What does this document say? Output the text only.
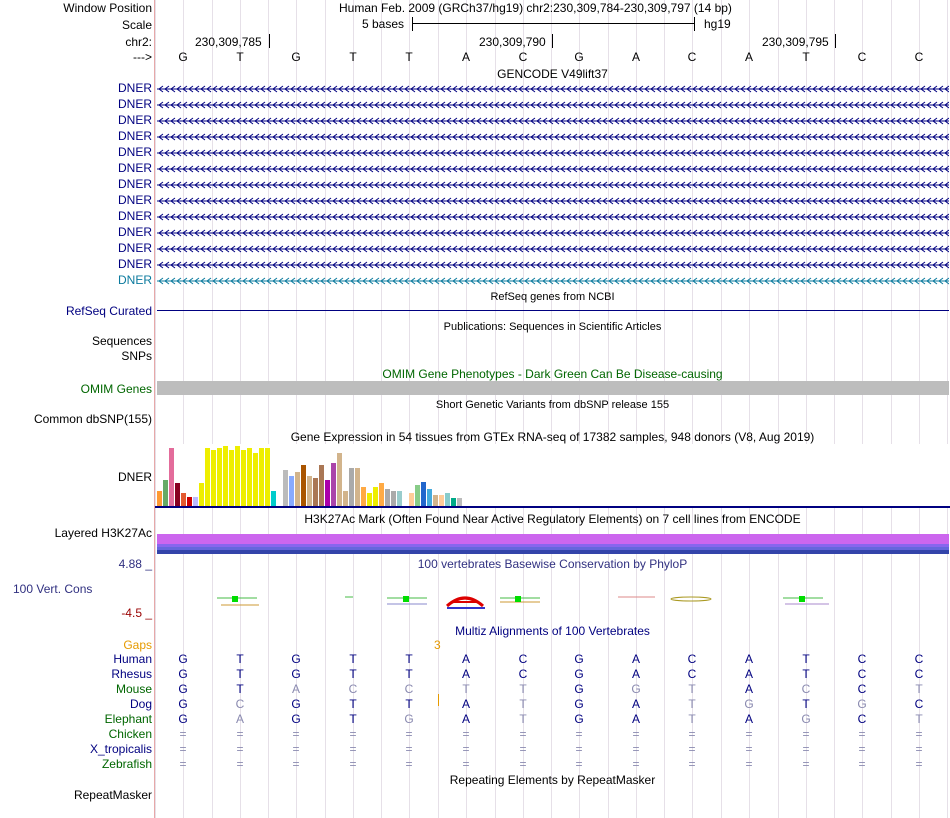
Window Position	Human Feb. 2009 (GRCh37/hg19) chr2:230,309,784-230,309,797 (14 bp)
Scale	5 bases	hg19
chr2:	230,309,785	230,309,790	230,309,795
--->	G	T	G	T	T	A	C	G	A	C	A	T	C	C
GENCODE V49lift37
DNER
DNER
DNER
DNER
DNER
DNER
DNER
DNER
DNER
DNER
DNER
DNER
DNER
RefSeq genes from NCBI
RefSeq Curated
Publications: Sequences in Scientific Articles
Sequences
SNPs
OMIM Gene Phenotypes - Dark Green Can Be Disease-causing
OMIM Genes
Short Genetic Variants from dbSNP release 155
Common dbSNP(155)
Gene Expression in 54 tissues from GTEx RNA-seq of 17382 samples, 948 donors (V8, Aug 2019)
DNER
H3K27Ac Mark (Often Found Near Active Regulatory Elements) on 7 cell lines from ENCODE
Layered H3K27Ac
100 vertebrates Basewise Conservation by PhyloP
4.88 _
100 Vert. Cons
-4.5 _
Multiz Alignments of 100 Vertebrates
Gaps	3
Human	G	T	G	T	T	A	C	G	A	C	A	T	C	C
Rhesus	G	T	G	T	T	A	C	G	A	C	A	T	C	C
Mouse	G	T	A	C	C	T	T	G	G	T	A	C	C	T
Dog	G	C	G	T	T	A	T	G	A	T	G	T	G	C
Elephant	G	A	G	T	G	A	T	G	A	T	A	G	C	T
Chicken	=	=	=	=	=	=	=	=	=	=	=	=	=	=
X_tropicalis	=	=	=	=	=	=	=	=	=	=	=	=	=	=
Zebrafish	=	=	=	=	=	=	=	=	=	=	=	=	=	=
Repeating Elements by RepeatMasker
RepeatMasker
